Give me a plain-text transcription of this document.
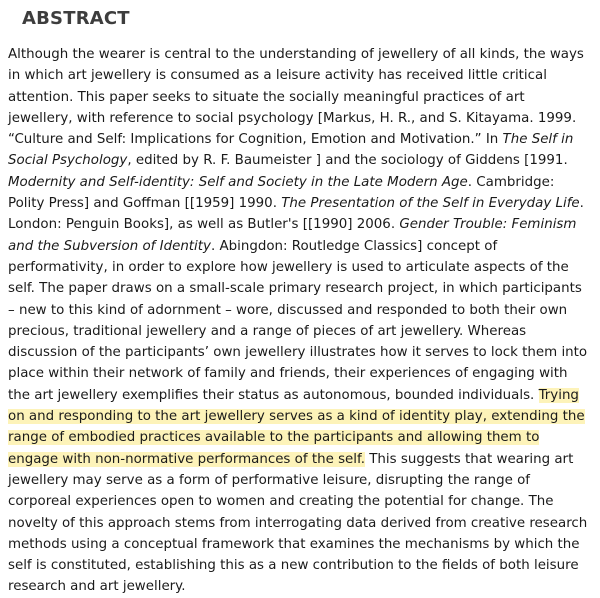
ABSTRACT

Although the wearer is central to the understanding of jewellery of all kinds, the ways in which art jewellery is consumed as a leisure activity has received little critical attention. This paper seeks to situate the socially meaningful practices of art jewellery, with reference to social psychology [Markus, H. R., and S. Kitayama. 1999. “Culture and Self: Implications for Cognition, Emotion and Motivation.” In The Self in Social Psychology, edited by R. F. Baumeister ] and the sociology of Giddens [1991. Modernity and Self-identity: Self and Society in the Late Modern Age. Cambridge: Polity Press] and Goffman [[1959] 1990. The Presentation of the Self in Everyday Life. London: Penguin Books], as well as Butler's [[1990] 2006. Gender Trouble: Feminism and the Subversion of Identity. Abingdon: Routledge Classics] concept of performativity, in order to explore how jewellery is used to articulate aspects of the self. The paper draws on a small-scale primary research project, in which participants – new to this kind of adornment – wore, discussed and responded to both their own precious, traditional jewellery and a range of pieces of art jewellery. Whereas discussion of the participants’ own jewellery illustrates how it serves to lock them into place within their network of family and friends, their experiences of engaging with the art jewellery exemplifies their status as autonomous, bounded individuals. Trying on and responding to the art jewellery serves as a kind of identity play, extending the range of embodied practices available to the participants and allowing them to engage with non-normative performances of the self. This suggests that wearing art jewellery may serve as a form of performative leisure, disrupting the range of corporeal experiences open to women and creating the potential for change. The novelty of this approach stems from interrogating data derived from creative research methods using a conceptual framework that examines the mechanisms by which the self is constituted, establishing this as a new contribution to the fields of both leisure research and art jewellery.
